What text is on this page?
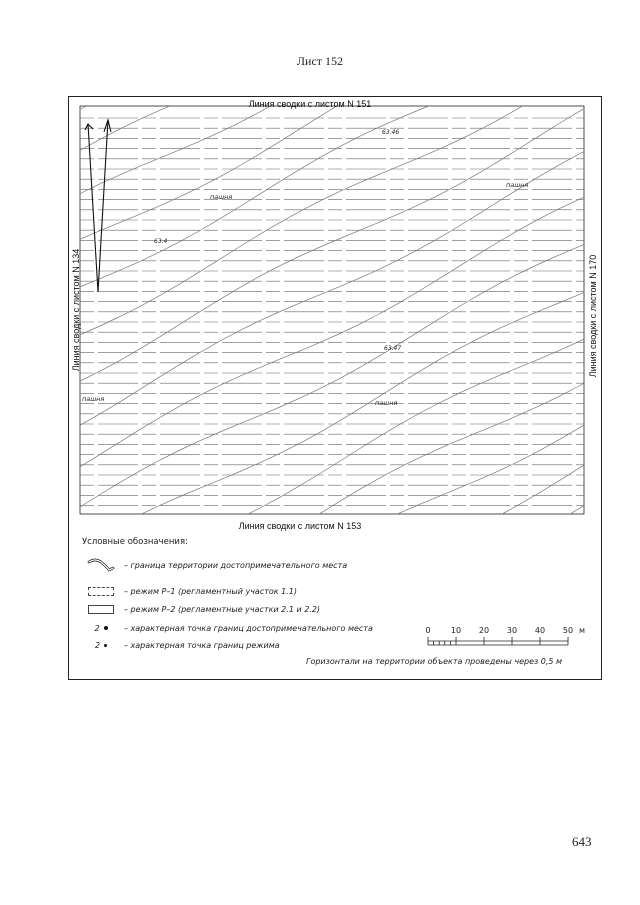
Лист 152
Линия сводки с листом N 151
Линия сводки с листом N 153
Линия сводки с листом N 134	Линия сводки с листом N 170
пашня
пашня
пашня	пашня
63.46
63.4
63.47
0	10 20 30 40 50 м
Условные обозначения:
– граница территории достопримечательного места
– режим Р–1 (регламентный участок 1.1)
– режим Р–2 (регламентные участки 2.1 и 2.2)
2	– характерная точка границ достопримечательного места
2	– характерная точка границ режима
Горизонтали на территории объекта проведены через 0,5 м
643
